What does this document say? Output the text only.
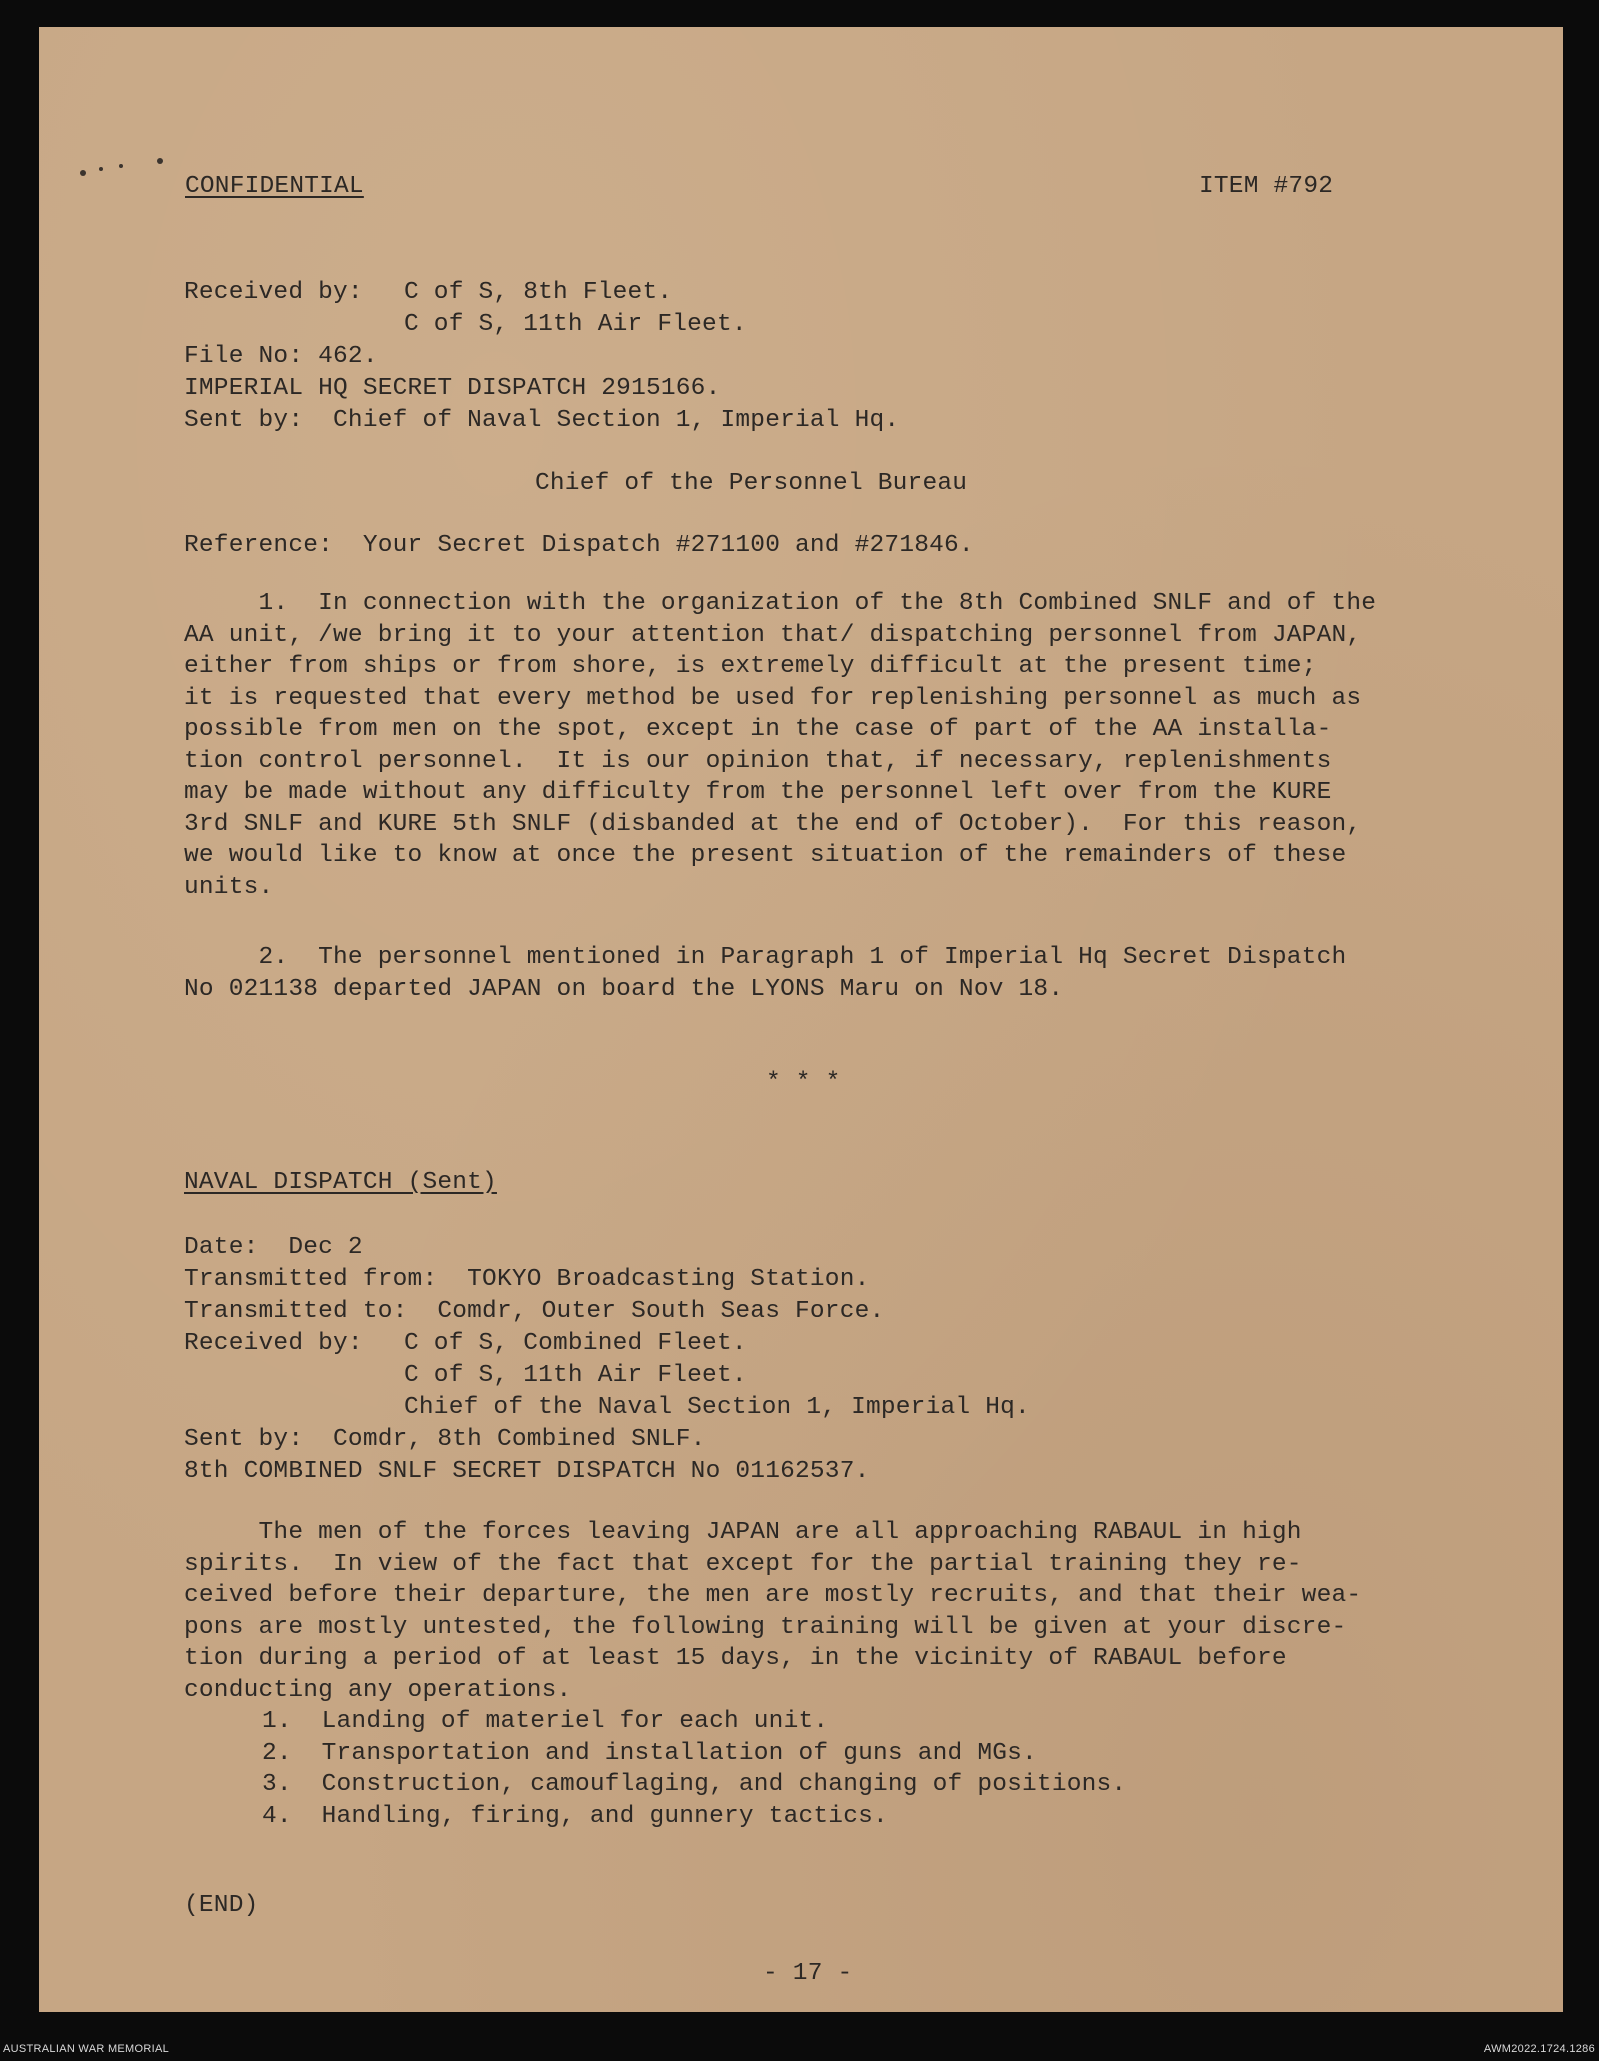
CONFIDENTIAL	ITEM #792
Received by: C of S, 8th Fleet.
C of S, 11th Air Fleet.
File No: 462.
IMPERIAL HQ SECRET DISPATCH 2915166.
Sent by:  Chief of Naval Section 1, Imperial Hq.
Chief of the Personnel Bureau
Reference:  Your Secret Dispatch #271100 and #271846.
1.  In connection with the organization of the 8th Combined SNLF and of the
AA unit, /we bring it to your attention that/ dispatching personnel from JAPAN,
either from ships or from shore, is extremely difficult at the present time;
it is requested that every method be used for replenishing personnel as much as
possible from men on the spot, except in the case of part of the AA installa-
tion control personnel.  It is our opinion that, if necessary, replenishments
may be made without any difficulty from the personnel left over from the KURE
3rd SNLF and KURE 5th SNLF (disbanded at the end of October).  For this reason,
we would like to know at once the present situation of the remainders of these
units.
2.  The personnel mentioned in Paragraph 1 of Imperial Hq Secret Dispatch
No 021138 departed JAPAN on board the LYONS Maru on Nov 18.
* * *
NAVAL DISPATCH (Sent)
Date:  Dec 2
Transmitted from:  TOKYO Broadcasting Station.
Transmitted to:  Comdr, Outer South Seas Force.
Received by: C of S, Combined Fleet.
C of S, 11th Air Fleet.
Chief of the Naval Section 1, Imperial Hq.
Sent by:  Comdr, 8th Combined SNLF.
8th COMBINED SNLF SECRET DISPATCH No 01162537.
The men of the forces leaving JAPAN are all approaching RABAUL in high
spirits.  In view of the fact that except for the partial training they re-
ceived before their departure, the men are mostly recruits, and that their wea-
pons are mostly untested, the following training will be given at your discre-
tion during a period of at least 15 days, in the vicinity of RABAUL before
conducting any operations.
1.  Landing of materiel for each unit.
2.  Transportation and installation of guns and MGs.
3.  Construction, camouflaging, and changing of positions.
4.  Handling, firing, and gunnery tactics.
(END)
- 17 -
AUSTRALIAN WAR MEMORIAL	AWM2022.1724.1286
